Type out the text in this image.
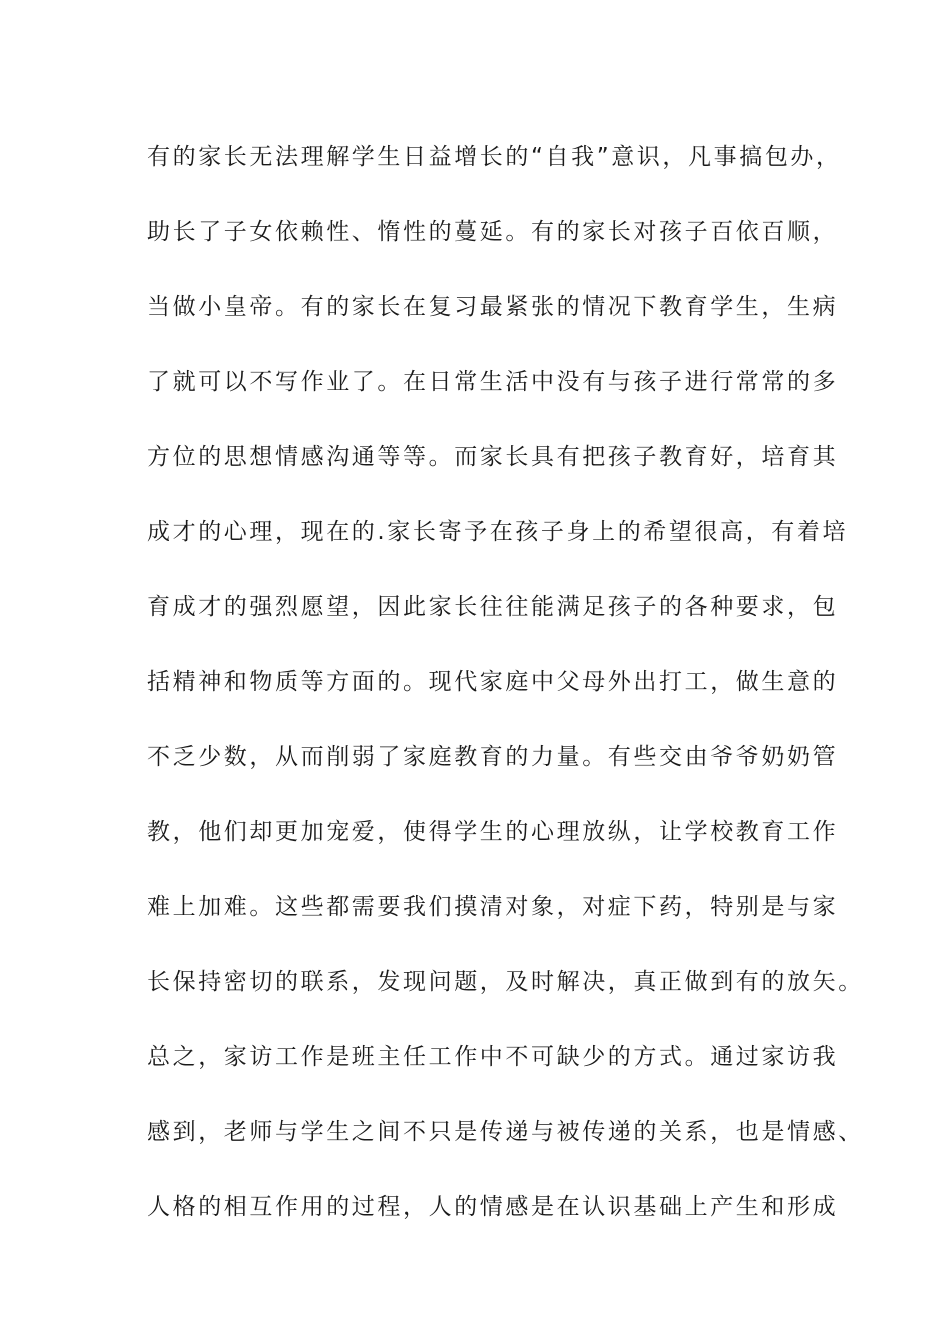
有的家长无法理解学生日益增长的“自我”意识，凡事搞包办，
助长了子女依赖性、惰性的蔓延。有的家长对孩子百依百顺，
当做小皇帝。有的家长在复习最紧张的情况下教育学生，生病
了就可以不写作业了。在日常生活中没有与孩子进行常常的多
方位的思想情感沟通等等。而家长具有把孩子教育好，培育其
成才的心理，现在的.家长寄予在孩子身上的希望很高，有着培
育成才的强烈愿望，因此家长往往能满足孩子的各种要求，包
括精神和物质等方面的。现代家庭中父母外出打工，做生意的
不乏少数，从而削弱了家庭教育的力量。有些交由爷爷奶奶管
教，他们却更加宠爱，使得学生的心理放纵，让学校教育工作
难上加难。这些都需要我们摸清对象，对症下药，特别是与家
长保持密切的联系，发现问题，及时解决，真正做到有的放矢。
总之，家访工作是班主任工作中不可缺少的方式。通过家访我
感到，老师与学生之间不只是传递与被传递的关系，也是情感、
人格的相互作用的过程，人的情感是在认识基础上产生和形成
